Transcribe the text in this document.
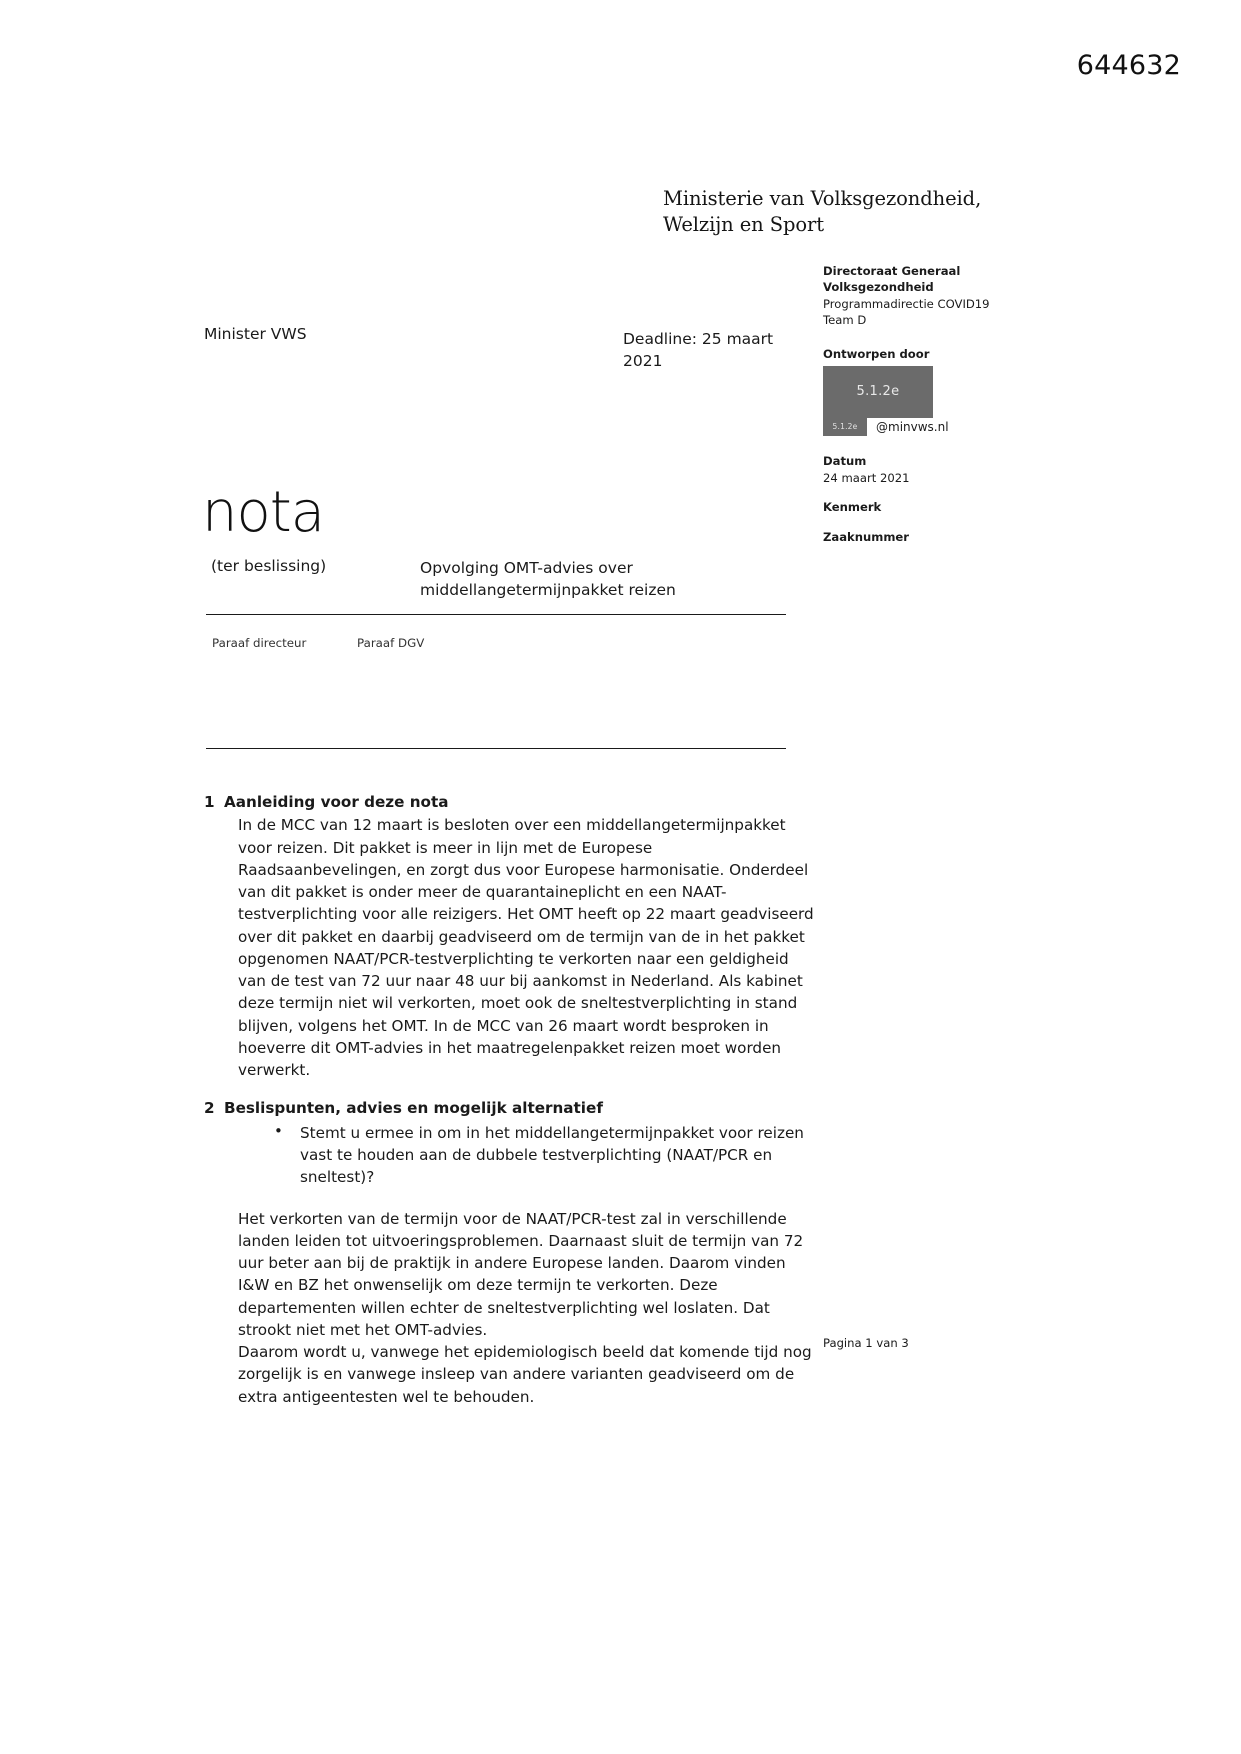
644632
Ministerie van Volksgezondheid,
Welzijn en Sport
Minister VWS	Deadline: 25 maart 2021
Directoraat Generaal
Volksgezondheid
Programmadirectie COVID19
Team D
Ontworpen door
5.1.2e
5.1.2e	@minvws.nl
Datum
24 maart 2021
Kenmerk
Zaaknummer
nota
(ter beslissing)	Opvolging OMT-advies over middellangetermijnpakket reizen
Paraaf directeur	Paraaf DGV
1 Aanleiding voor deze nota
In de MCC van 12 maart is besloten over een middellangetermijnpakket voor reizen. Dit pakket is meer in lijn met de Europese Raadsaanbevelingen, en zorgt dus voor Europese harmonisatie. Onderdeel van dit pakket is onder meer de quarantaineplicht en een NAAT-testverplichting voor alle reizigers. Het OMT heeft op 22 maart geadviseerd over dit pakket en daarbij geadviseerd om de termijn van de in het pakket opgenomen NAAT/PCR-testverplichting te verkorten naar een geldigheid van de test van 72 uur naar 48 uur bij aankomst in Nederland. Als kabinet deze termijn niet wil verkorten, moet ook de sneltestverplichting in stand blijven, volgens het OMT. In de MCC van 26 maart wordt besproken in hoeverre dit OMT-advies in het maatregelenpakket reizen moet worden verwerkt.
2 Beslispunten, advies en mogelijk alternatief
• Stemt u ermee in om in het middellangetermijnpakket voor reizen vast te houden aan de dubbele testverplichting (NAAT/PCR en sneltest)?
Het verkorten van de termijn voor de NAAT/PCR-test zal in verschillende landen leiden tot uitvoeringsproblemen. Daarnaast sluit de termijn van 72 uur beter aan bij de praktijk in andere Europese landen. Daarom vinden I&W en BZ het onwenselijk om deze termijn te verkorten. Deze departementen willen echter de sneltestverplichting wel loslaten. Dat strookt niet met het OMT-advies.
Daarom wordt u, vanwege het epidemiologisch beeld dat komende tijd nog zorgelijk is en vanwege insleep van andere varianten geadviseerd om de extra antigeentesten wel te behouden.
Pagina 1 van 3
